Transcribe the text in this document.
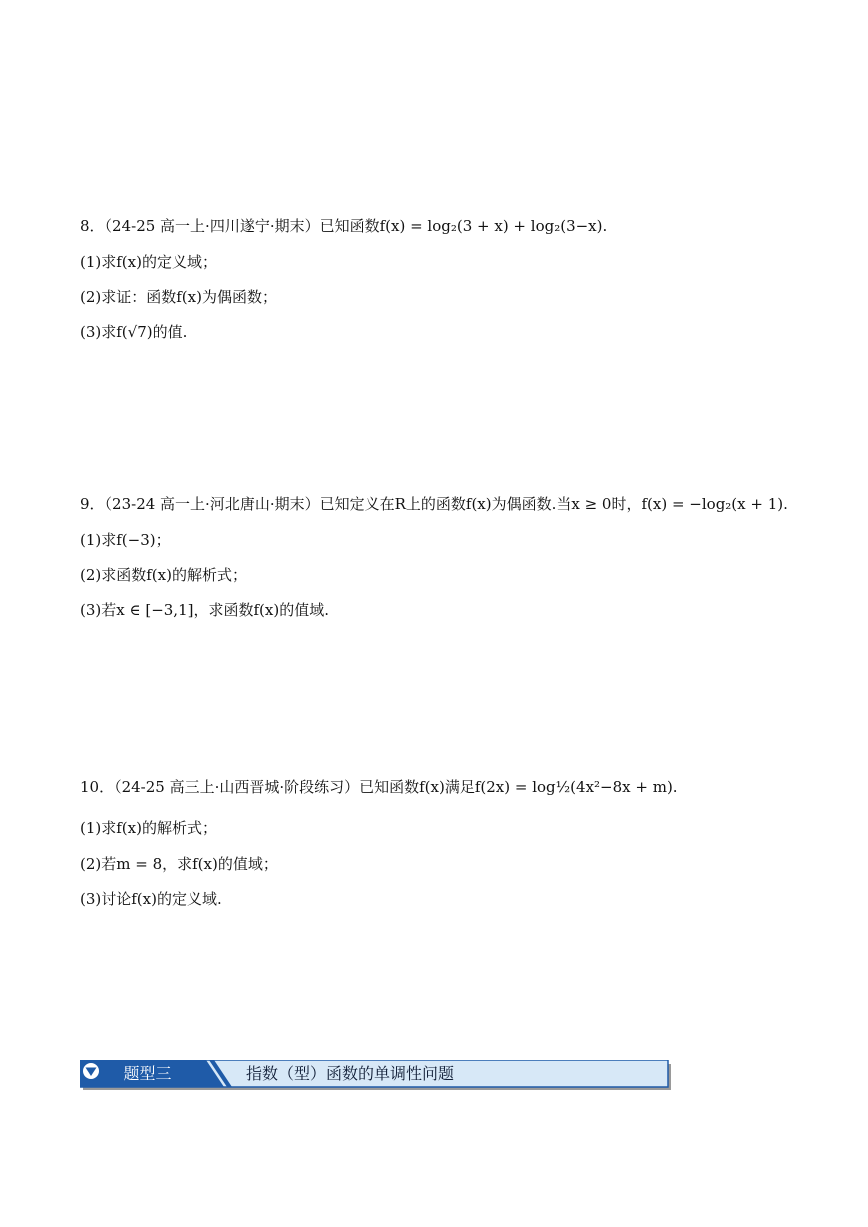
8．（24-25 高一上·四川遂宁·期末）已知函数f(x) = log₂(3 + x) + log₂(3−x).
(1)求f(x)的定义域；
(2)求证：函数f(x)为偶函数；
(3)求f(√7)的值.
9．（23-24 高一上·河北唐山·期末）已知定义在R上的函数f(x)为偶函数.当x ≥ 0时，f(x) = −log₂(x + 1).
(1)求f(−3)；
(2)求函数f(x)的解析式；
(3)若x ∈ [−3,1]，求函数f(x)的值域.
10．（24-25 高三上·山西晋城·阶段练习）已知函数f(x)满足f(2x) = log½(4x²−8x + m).
(1)求f(x)的解析式；
(2)若m = 8，求f(x)的值域；
(3)讨论f(x)的定义域.
题型三	指数（型）函数的单调性问题
